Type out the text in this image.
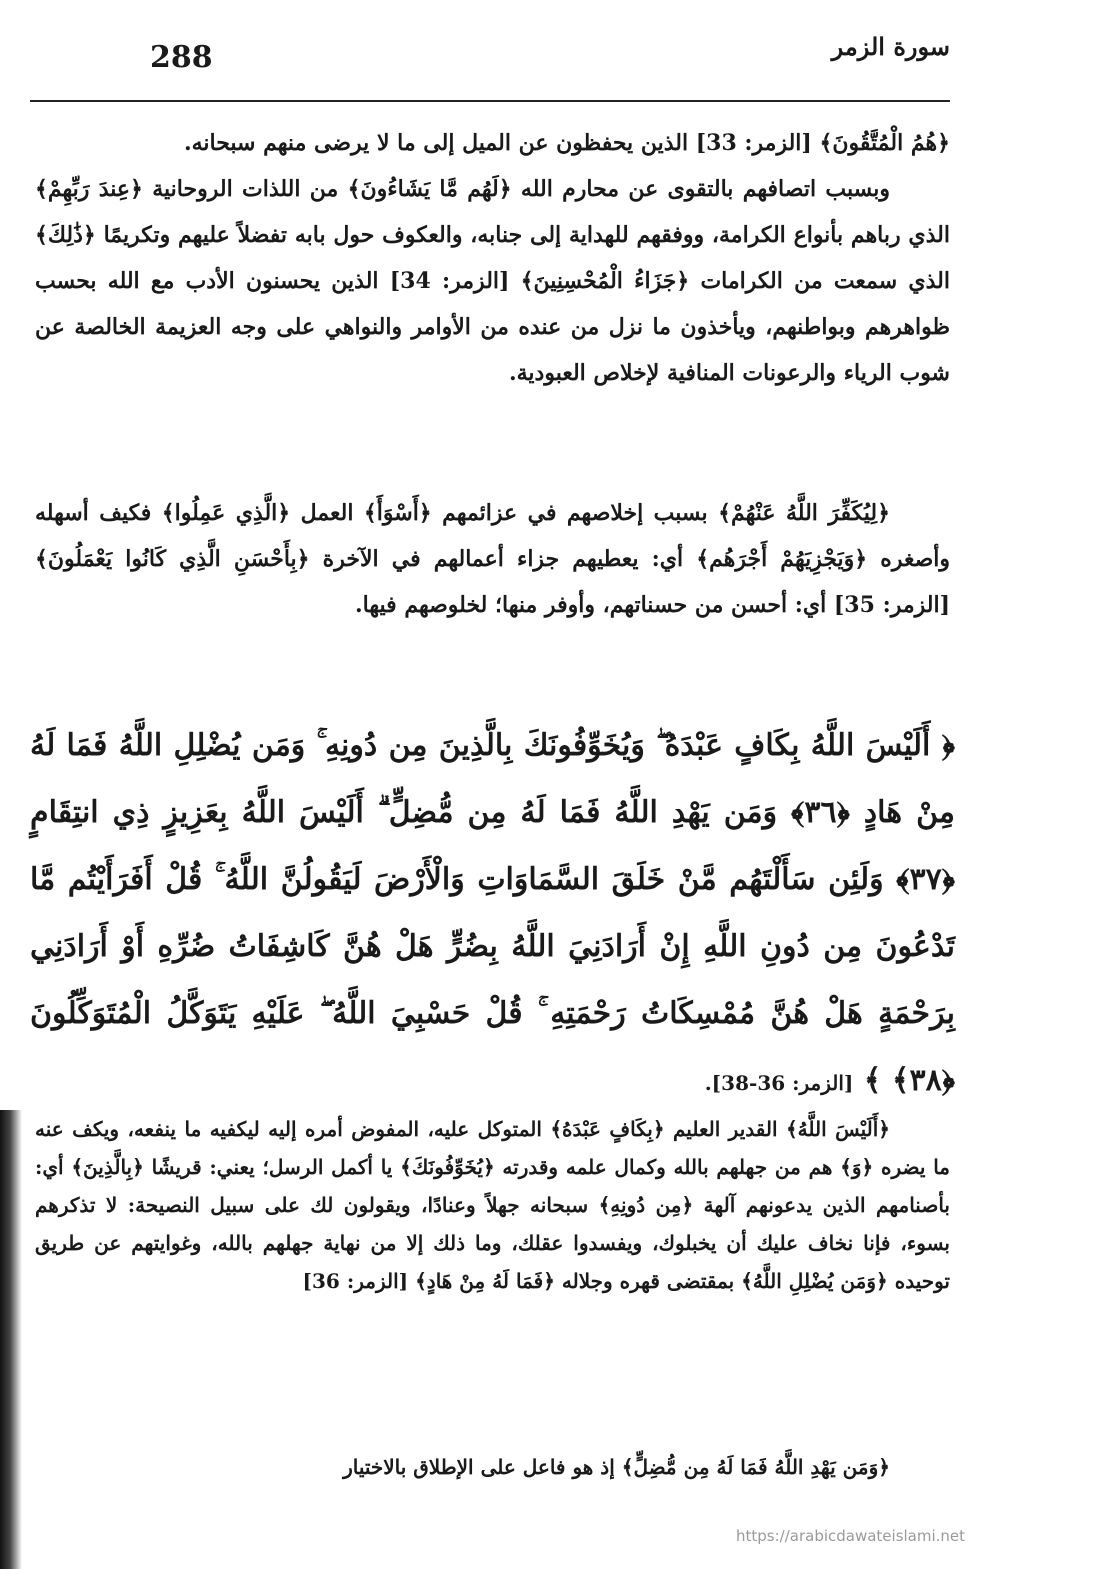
288	سورة الزمر

﴿هُمُ الْمُتَّقُونَ﴾ [الزمر: 33] الذين يحفظون عن الميل إلى ما لا يرضى منهم سبحانه.

وبسبب اتصافهم بالتقوى عن محارم الله ﴿لَهُم مَّا يَشَاءُونَ﴾ من اللذات الروحانية ﴿عِندَ رَبِّهِمْ﴾ الذي رباهم بأنواع الكرامة، ووفقهم للهداية إلى جنابه، والعكوف حول بابه تفضلاً عليهم وتكريمًا ﴿ذَٰلِكَ﴾ الذي سمعت من الكرامات ﴿جَزَاءُ الْمُحْسِنِينَ﴾ [الزمر: 34] الذين يحسنون الأدب مع الله بحسب ظواهرهم وبواطنهم، ويأخذون ما نزل من عنده من الأوامر والنواهي على وجه العزيمة الخالصة عن شوب الرياء والرعونات المنافية لإخلاص العبودية.

﴿لِيُكَفِّرَ اللَّهُ عَنْهُمْ﴾ بسبب إخلاصهم في عزائمهم ﴿أَسْوَأَ﴾ العمل ﴿الَّذِي عَمِلُوا﴾ فكيف أسهله وأصغره ﴿وَيَجْزِيَهُمْ أَجْرَهُم﴾ أي: يعطيهم جزاء أعمالهم في الآخرة ﴿بِأَحْسَنِ الَّذِي كَانُوا يَعْمَلُونَ﴾ [الزمر: 35] أي: أحسن من حسناتهم، وأوفر منها؛ لخلوصهم فيها.

﴿ أَلَيْسَ اللَّهُ بِكَافٍ عَبْدَهُ ۖ وَيُخَوِّفُونَكَ بِالَّذِينَ مِن دُونِهِ ۚ وَمَن يُضْلِلِ اللَّهُ فَمَا لَهُ مِنْ هَادٍ ﴿٣٦﴾ وَمَن يَهْدِ اللَّهُ فَمَا لَهُ مِن مُّضِلٍّ ۗ أَلَيْسَ اللَّهُ بِعَزِيزٍ ذِي انتِقَامٍ ﴿٣٧﴾ وَلَئِن سَأَلْتَهُم مَّنْ خَلَقَ السَّمَاوَاتِ وَالْأَرْضَ لَيَقُولُنَّ اللَّهُ ۚ قُلْ أَفَرَأَيْتُم مَّا تَدْعُونَ مِن دُونِ اللَّهِ إِنْ أَرَادَنِيَ اللَّهُ بِضُرٍّ هَلْ هُنَّ كَاشِفَاتُ ضُرِّهِ أَوْ أَرَادَنِي بِرَحْمَةٍ هَلْ هُنَّ مُمْسِكَاتُ رَحْمَتِهِ ۚ قُلْ حَسْبِيَ اللَّهُ ۖ عَلَيْهِ يَتَوَكَّلُ الْمُتَوَكِّلُونَ ﴿٣٨﴾ ﴾ [الزمر: 36-38].

﴿أَلَيْسَ اللَّهُ﴾ القدير العليم ﴿بِكَافٍ عَبْدَهُ﴾ المتوكل عليه، المفوض أمره إليه ليكفيه ما ينفعه، ويكف عنه ما يضره ﴿وَ﴾ هم من جهلهم بالله وكمال علمه وقدرته ﴿يُخَوِّفُونَكَ﴾ يا أكمل الرسل؛ يعني: قريشًا ﴿بِالَّذِينَ﴾ أي: بأصنامهم الذين يدعونهم آلهة ﴿مِن دُونِهِ﴾ سبحانه جهلاً وعنادًا، ويقولون لك على سبيل النصيحة: لا تذكرهم بسوء، فإنا نخاف عليك أن يخبلوك، ويفسدوا عقلك، وما ذلك إلا من نهاية جهلهم بالله، وغوايتهم عن طريق توحيده ﴿وَمَن يُضْلِلِ اللَّهُ﴾ بمقتضى قهره وجلاله ﴿فَمَا لَهُ مِنْ هَادٍ﴾ [الزمر: 36]

﴿وَمَن يَهْدِ اللَّهُ فَمَا لَهُ مِن مُّضِلٍّ﴾ إذ هو فاعل على الإطلاق بالاختيار

https://arabicdawateislami.net
